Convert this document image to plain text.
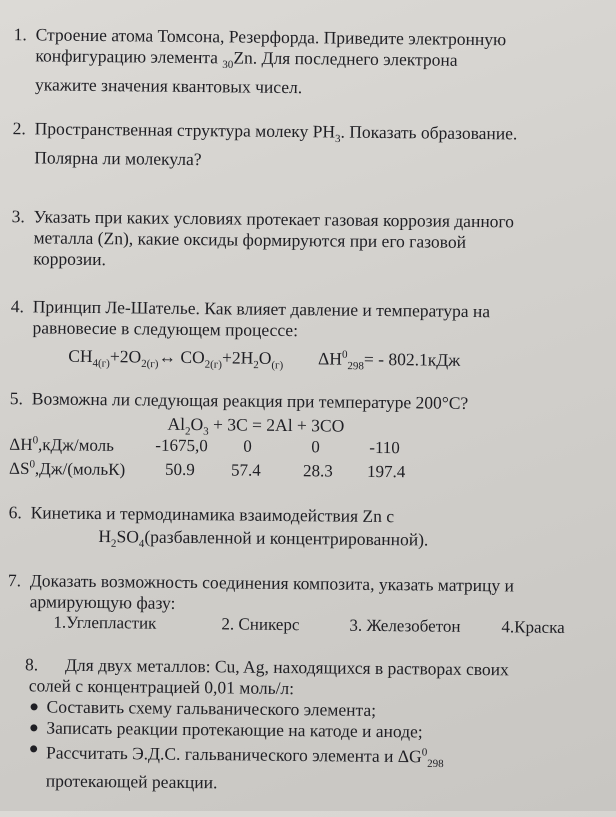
1. Строение атома Томсона, Резерфорда. Приведите электронную
конфигурацию элемента $_{30}$Zn. Для последнего электрона
укажите значения квантовых чисел.
2. Пространственная структура молеку $PH_3$. Показать образование.
Полярна ли молекула?
3. Указать при каких условиях протекает газовая коррозия данного
металла (Zn), какие оксиды формируются при его газовой
коррозии.
4. Принцип Ле-Шателье. Как влияет давление и температура на
равновесие в следующем процессе:
$CH_{4(г)}+2O_{2(г)}\leftrightarrow$ $CO_{2(г)}+2H_2O_{(г)}$ $\Delta H^0_{298}= - 802.1кДж$
5. Возможна ли следующая реакция при температуре 200°С?
$Al_2O_3 + 3C = 2Al + 3CO$
$\Delta H^0,кДж$/моль -1675,0 0	0	-110
$\Delta S^0,Дж/(мольК)$ 50.9 57.4 28.3 197.4
6. Кинетика и термодинамика взаимодействия Zn с
$H_2SO_4(разбавленной$ и концентрированной).
7. Доказать возможность соединения композита, указать матрицу и
армирующую фазу:
1.Углепластик	2. Сникерс	3. Железобетон 4.Краска
8. Для двух металлов: Cu, Ag, находящихся в растворах своих
солей с концентрацией 0,01 моль/л:
Составить схему гальванического элемента;
Записать реакции протекающие на катоде и аноде;
Рассчитать Э.Д.С. гальванического элемента и $\Delta G^0_{298}$
протекающей реакции.
